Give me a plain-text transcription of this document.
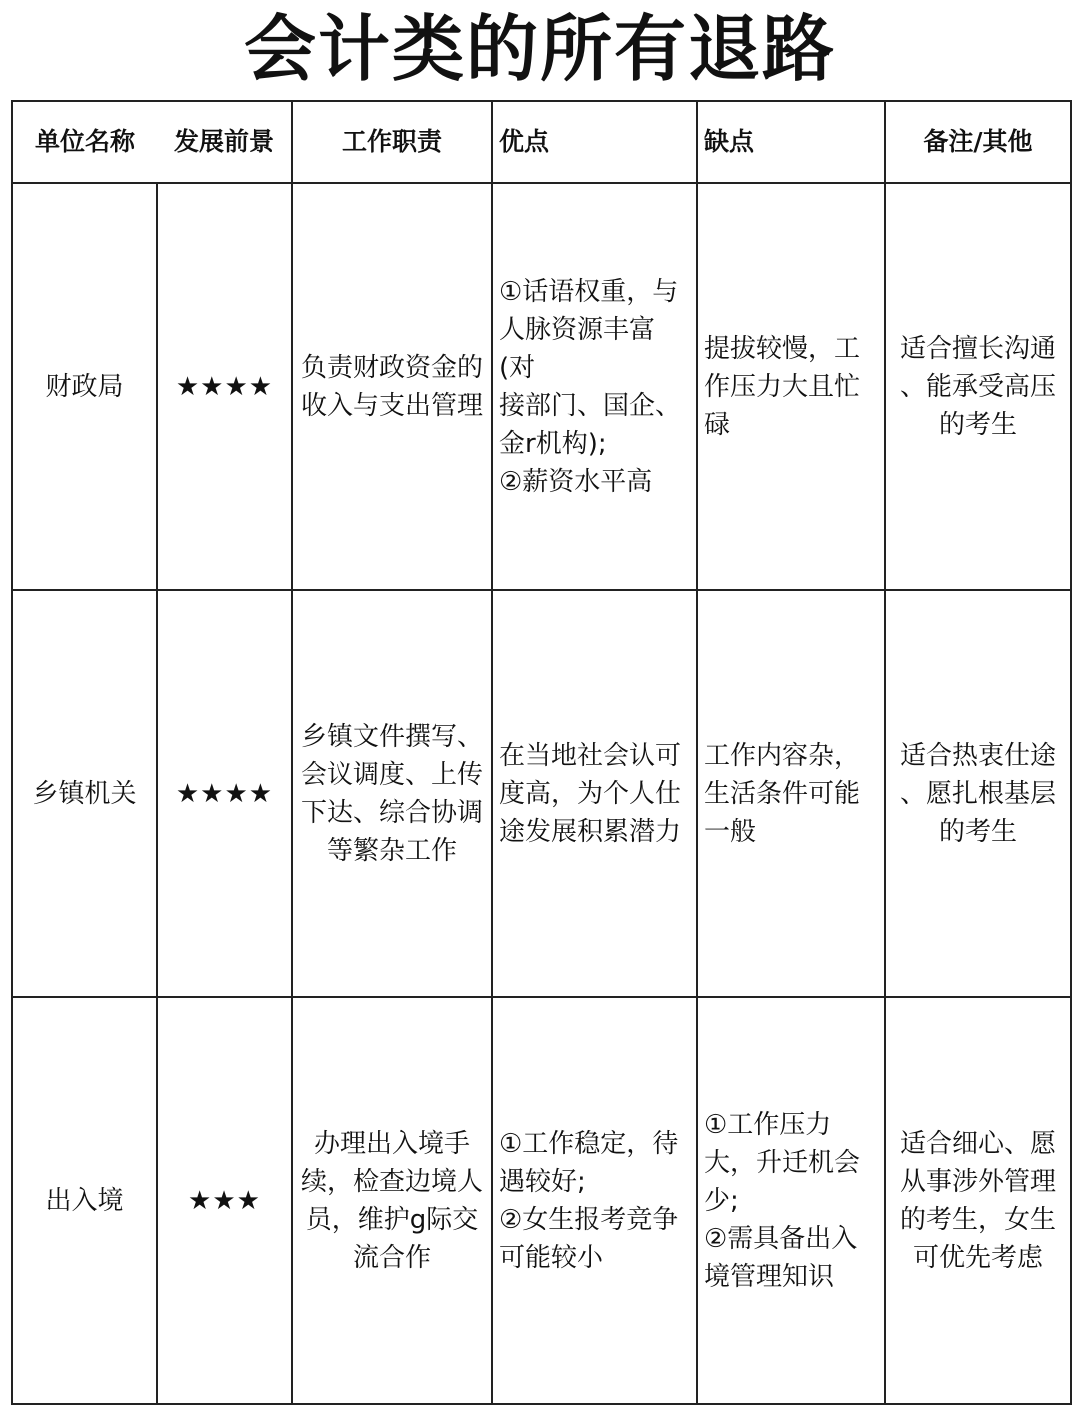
会计类的所有退路
单位名称	发展前景	工作职责	优点	缺点	备注/其他
财政局	★★★★	负责财政资金的
收入与支出管理	①话语权重，与
人脉资源丰富(对
接部门、国企、
金r机构);
②薪资水平高	提拔较慢，工
作压力大且忙
碌	适合擅长沟通
、能承受高压
的考生

乡镇机关	★★★★	乡镇文件撰写、
会议调度、上传
下达、综合协调
等繁杂工作	在当地社会认可
度高，为个人仕
途发展积累潜力	工作内容杂，
生活条件可能
一般	适合热衷仕途
、愿扎根基层
的考生

出入境	★★★	办理出入境手
续，检查边境人
员，维护g际交
流合作	①工作稳定，待
遇较好;
②女生报考竞争
可能较小	①工作压力
大，升迁机会
少;
②需具备出入
境管理知识	适合细心、愿
从事涉外管理
的考生，女生
可优先考虑
